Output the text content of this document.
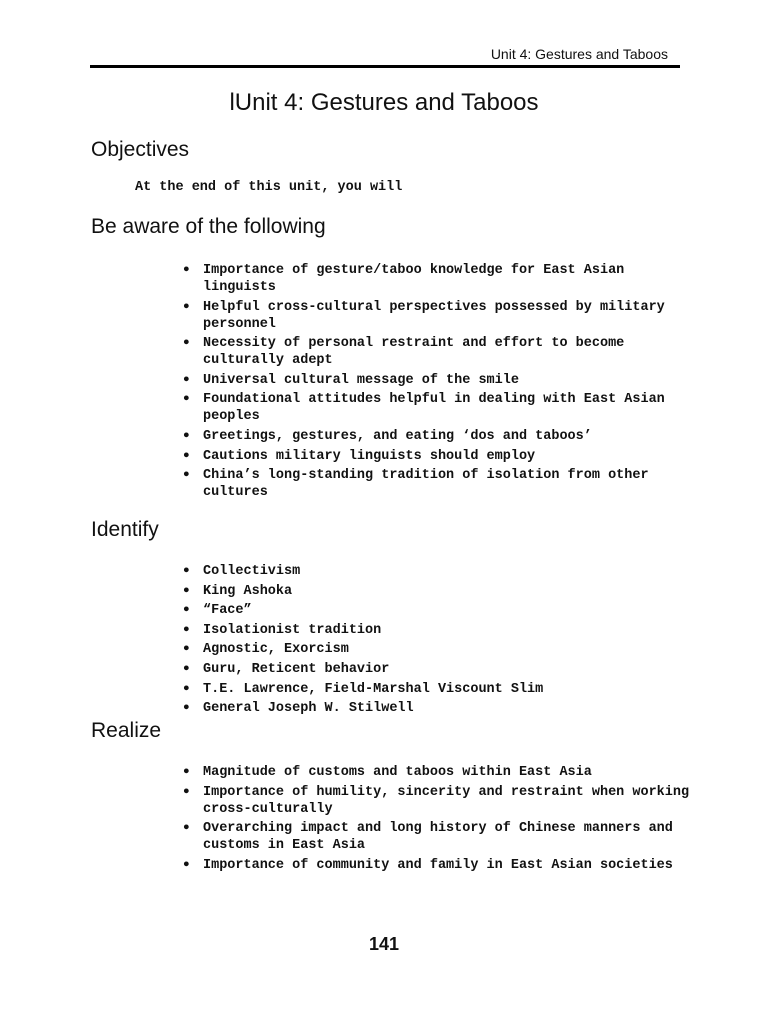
Unit 4: Gestures and Taboos
lUnit 4: Gestures and Taboos
Objectives

At the end of this unit, you will

Be aware of the following
• Importance of gesture/taboo knowledge for East Asian linguists
• Helpful cross-cultural perspectives possessed by military personnel
• Necessity of personal restraint and effort to become culturally adept
• Universal cultural message of the smile
• Foundational attitudes helpful in dealing with East Asian peoples
• Greetings, gestures, and eating ‘dos and taboos’
• Cautions military linguists should employ
• China’s long-standing tradition of isolation from other cultures
Identify
• Collectivism
• King Ashoka
• “Face”
• Isolationist tradition
• Agnostic, Exorcism
• Guru, Reticent behavior
• T.E. Lawrence, Field-Marshal Viscount Slim
• General Joseph W. Stilwell
Realize
• Magnitude of customs and taboos within East Asia
• Importance of humility, sincerity and restraint when working cross-culturally
• Overarching impact and long history of Chinese manners and customs in East Asia
• Importance of community and family in East Asian societies
141
